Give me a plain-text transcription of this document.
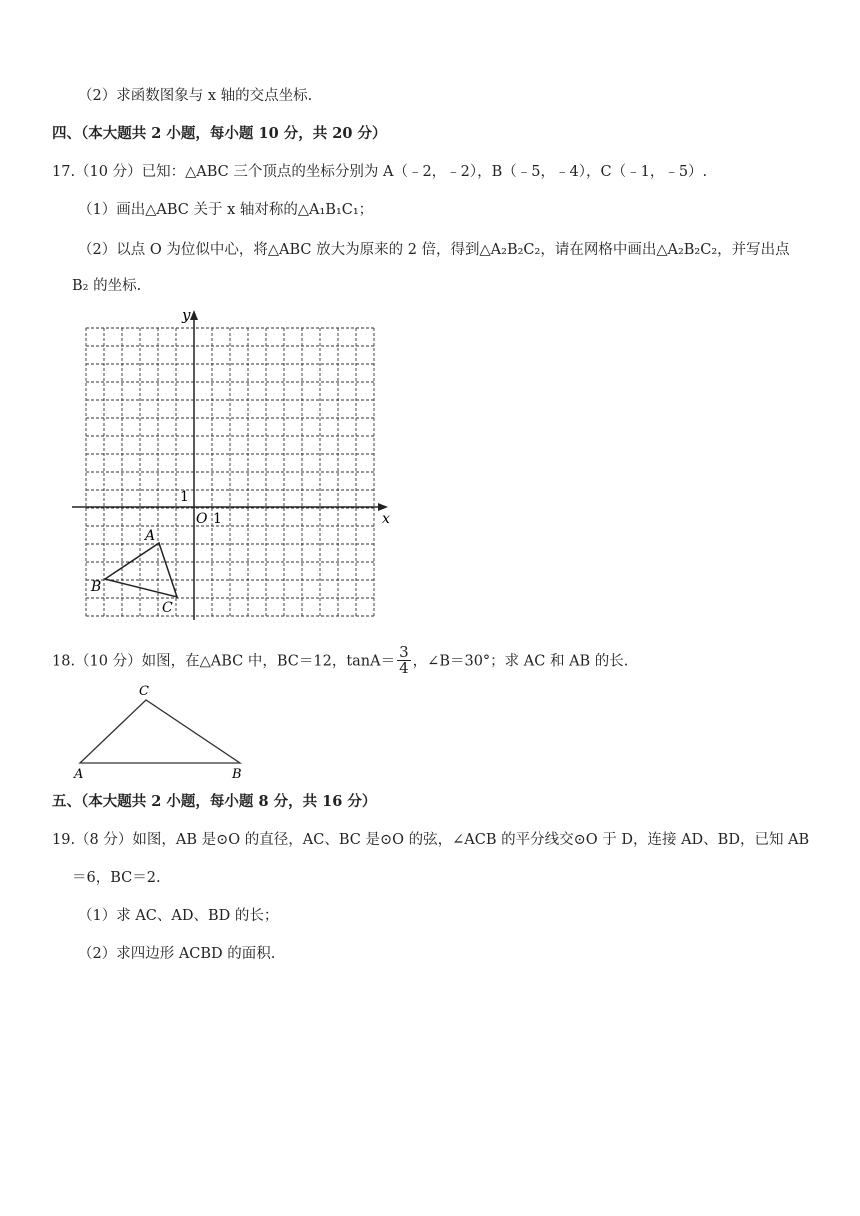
（2）求函数图象与 x 轴的交点坐标.
四、（本大题共 2 小题，每小题 10 分，共 20 分）
17.（10 分）已知：△ABC 三个顶点的坐标分别为 A（﹣2，﹣2），B（﹣5，﹣4），C（﹣1，﹣5）.
（1）画出△ABC 关于 x 轴对称的△A₁B₁C₁；
（2）以点 O 为位似中心，将△ABC 放大为原来的 2 倍，得到△A₂B₂C₂，请在网格中画出△A₂B₂C₂，并写出点
B₂ 的坐标.
y
x
O 1
1
A
B
C
18.（10 分）如图，在△ABC 中，BC＝12，$\tan A= \frac{3}{4}$ ，∠B＝30°；求 AC 和 AB 的长.
C
A	B
五、（本大题共 2 小题，每小题 8 分，共 16 分）
19.（8 分）如图，AB 是⊙O 的直径，AC、BC 是⊙O 的弦，∠ACB 的平分线交⊙O 于 D，连接 AD、BD，已知 AB
＝6，BC＝2.
（1）求 AC、AD、BD 的长；
（2）求四边形 ACBD 的面积.
